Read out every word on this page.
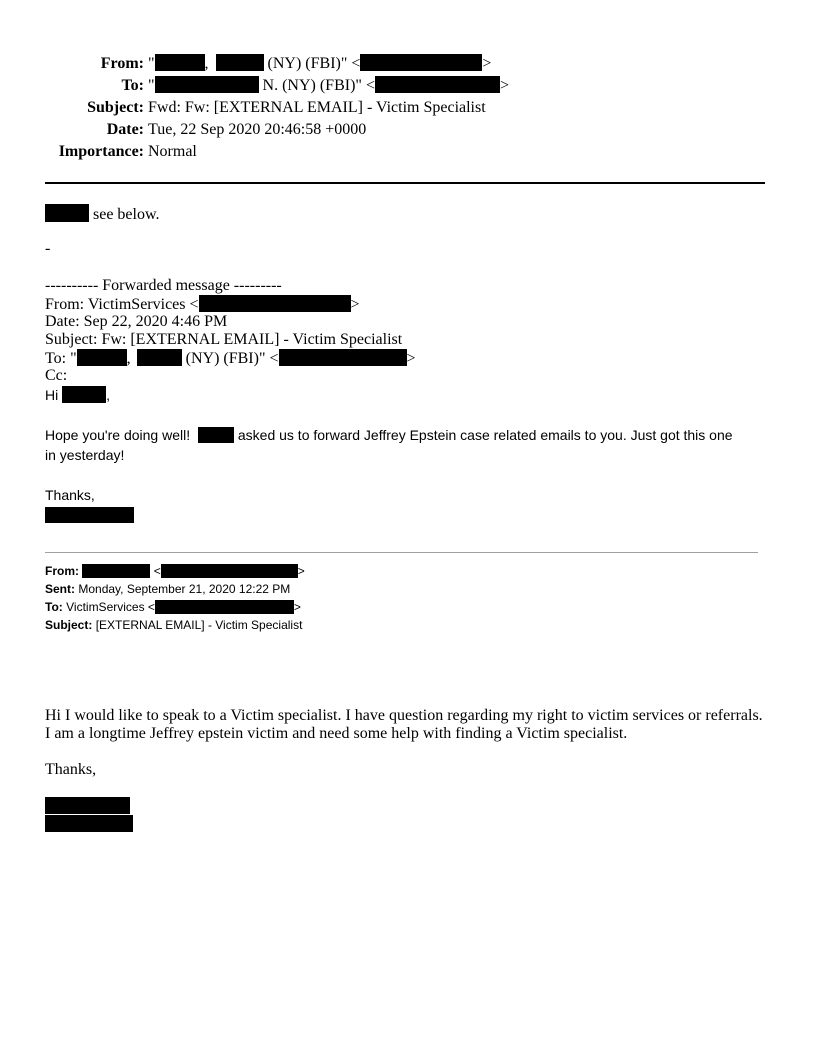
From: "	,	(NY) (FBI)" <	>
To: "	N. (NY) (FBI)" <	>
Subject: Fwd: Fw: [EXTERNAL EMAIL] - Victim Specialist
Date: Tue, 22 Sep 2020 20:46:58 +0000
Importance: Normal
see below.
-
---------- Forwarded message ---------
From: VictimServices <	>
Date: Sep 22, 2020 4:46 PM
Subject: Fw: [EXTERNAL EMAIL] - Victim Specialist
To: "	,	(NY) (FBI)" <	>
Cc:
Hi	,
Hope you're doing well!	asked us to forward Jeffrey Epstein case related emails to you. Just got this one
in yesterday!
Thanks,
From:	<	>
Sent: Monday, September 21, 2020 12:22 PM
To: VictimServices <	>
Subject: [EXTERNAL EMAIL] - Victim Specialist
Hi I would like to speak to a Victim specialist. I have question regarding my right to victim services or referrals.
I am a longtime Jeffrey epstein victim and need some help with finding a Victim specialist.
Thanks,
